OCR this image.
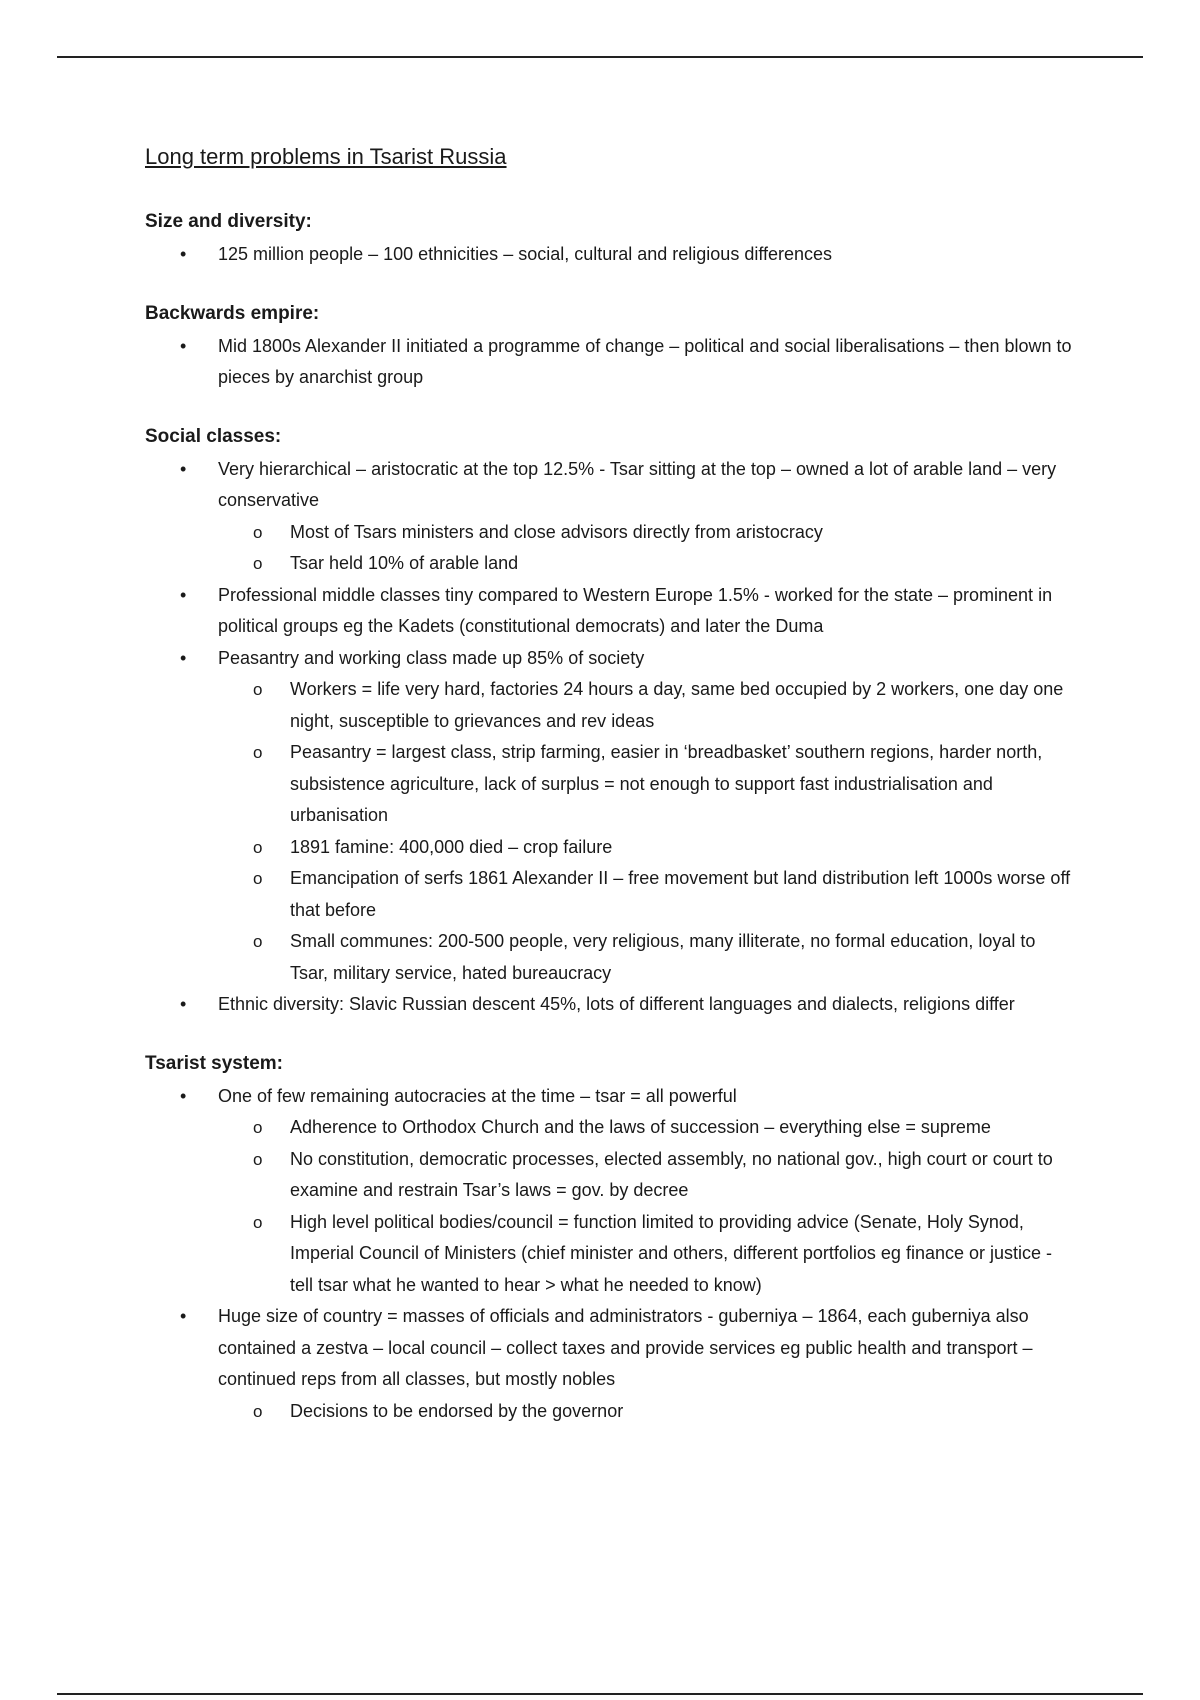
Long term problems in Tsarist Russia
Size and diversity:
• 125 million people – 100 ethnicities – social, cultural and religious differences
Backwards empire:
• Mid 1800s Alexander II initiated a programme of change – political and social liberalisations – then blown to pieces by anarchist group
Social classes:
• Very hierarchical – aristocratic at the top 12.5% - Tsar sitting at the top – owned a lot of arable land – very conservative
o Most of Tsars ministers and close advisors directly from aristocracy
o Tsar held 10% of arable land
• Professional middle classes tiny compared to Western Europe 1.5% - worked for the state – prominent in political groups eg the Kadets (constitutional democrats) and later the Duma
• Peasantry and working class made up 85% of society
o Workers = life very hard, factories 24 hours a day, same bed occupied by 2 workers, one day one night, susceptible to grievances and rev ideas
o Peasantry = largest class, strip farming, easier in ‘breadbasket’ southern regions, harder north, subsistence agriculture, lack of surplus = not enough to support fast industrialisation and urbanisation
o 1891 famine: 400,000 died – crop failure
o Emancipation of serfs 1861 Alexander II – free movement but land distribution left 1000s worse off that before
o Small communes: 200-500 people, very religious, many illiterate, no formal education, loyal to Tsar, military service, hated bureaucracy
• Ethnic diversity: Slavic Russian descent 45%, lots of different languages and dialects, religions differ
Tsarist system:
• One of few remaining autocracies at the time – tsar = all powerful
o Adherence to Orthodox Church and the laws of succession – everything else = supreme
o No constitution, democratic processes, elected assembly, no national gov., high court or court to examine and restrain Tsar’s laws = gov. by decree
o High level political bodies/council = function limited to providing advice (Senate, Holy Synod, Imperial Council of Ministers (chief minister and others, different portfolios eg finance or justice - tell tsar what he wanted to hear > what he needed to know)
• Huge size of country = masses of officials and administrators - guberniya – 1864, each guberniya also contained a zestva – local council – collect taxes and provide services eg public health and transport – continued reps from all classes, but mostly nobles
o Decisions to be endorsed by the governor
